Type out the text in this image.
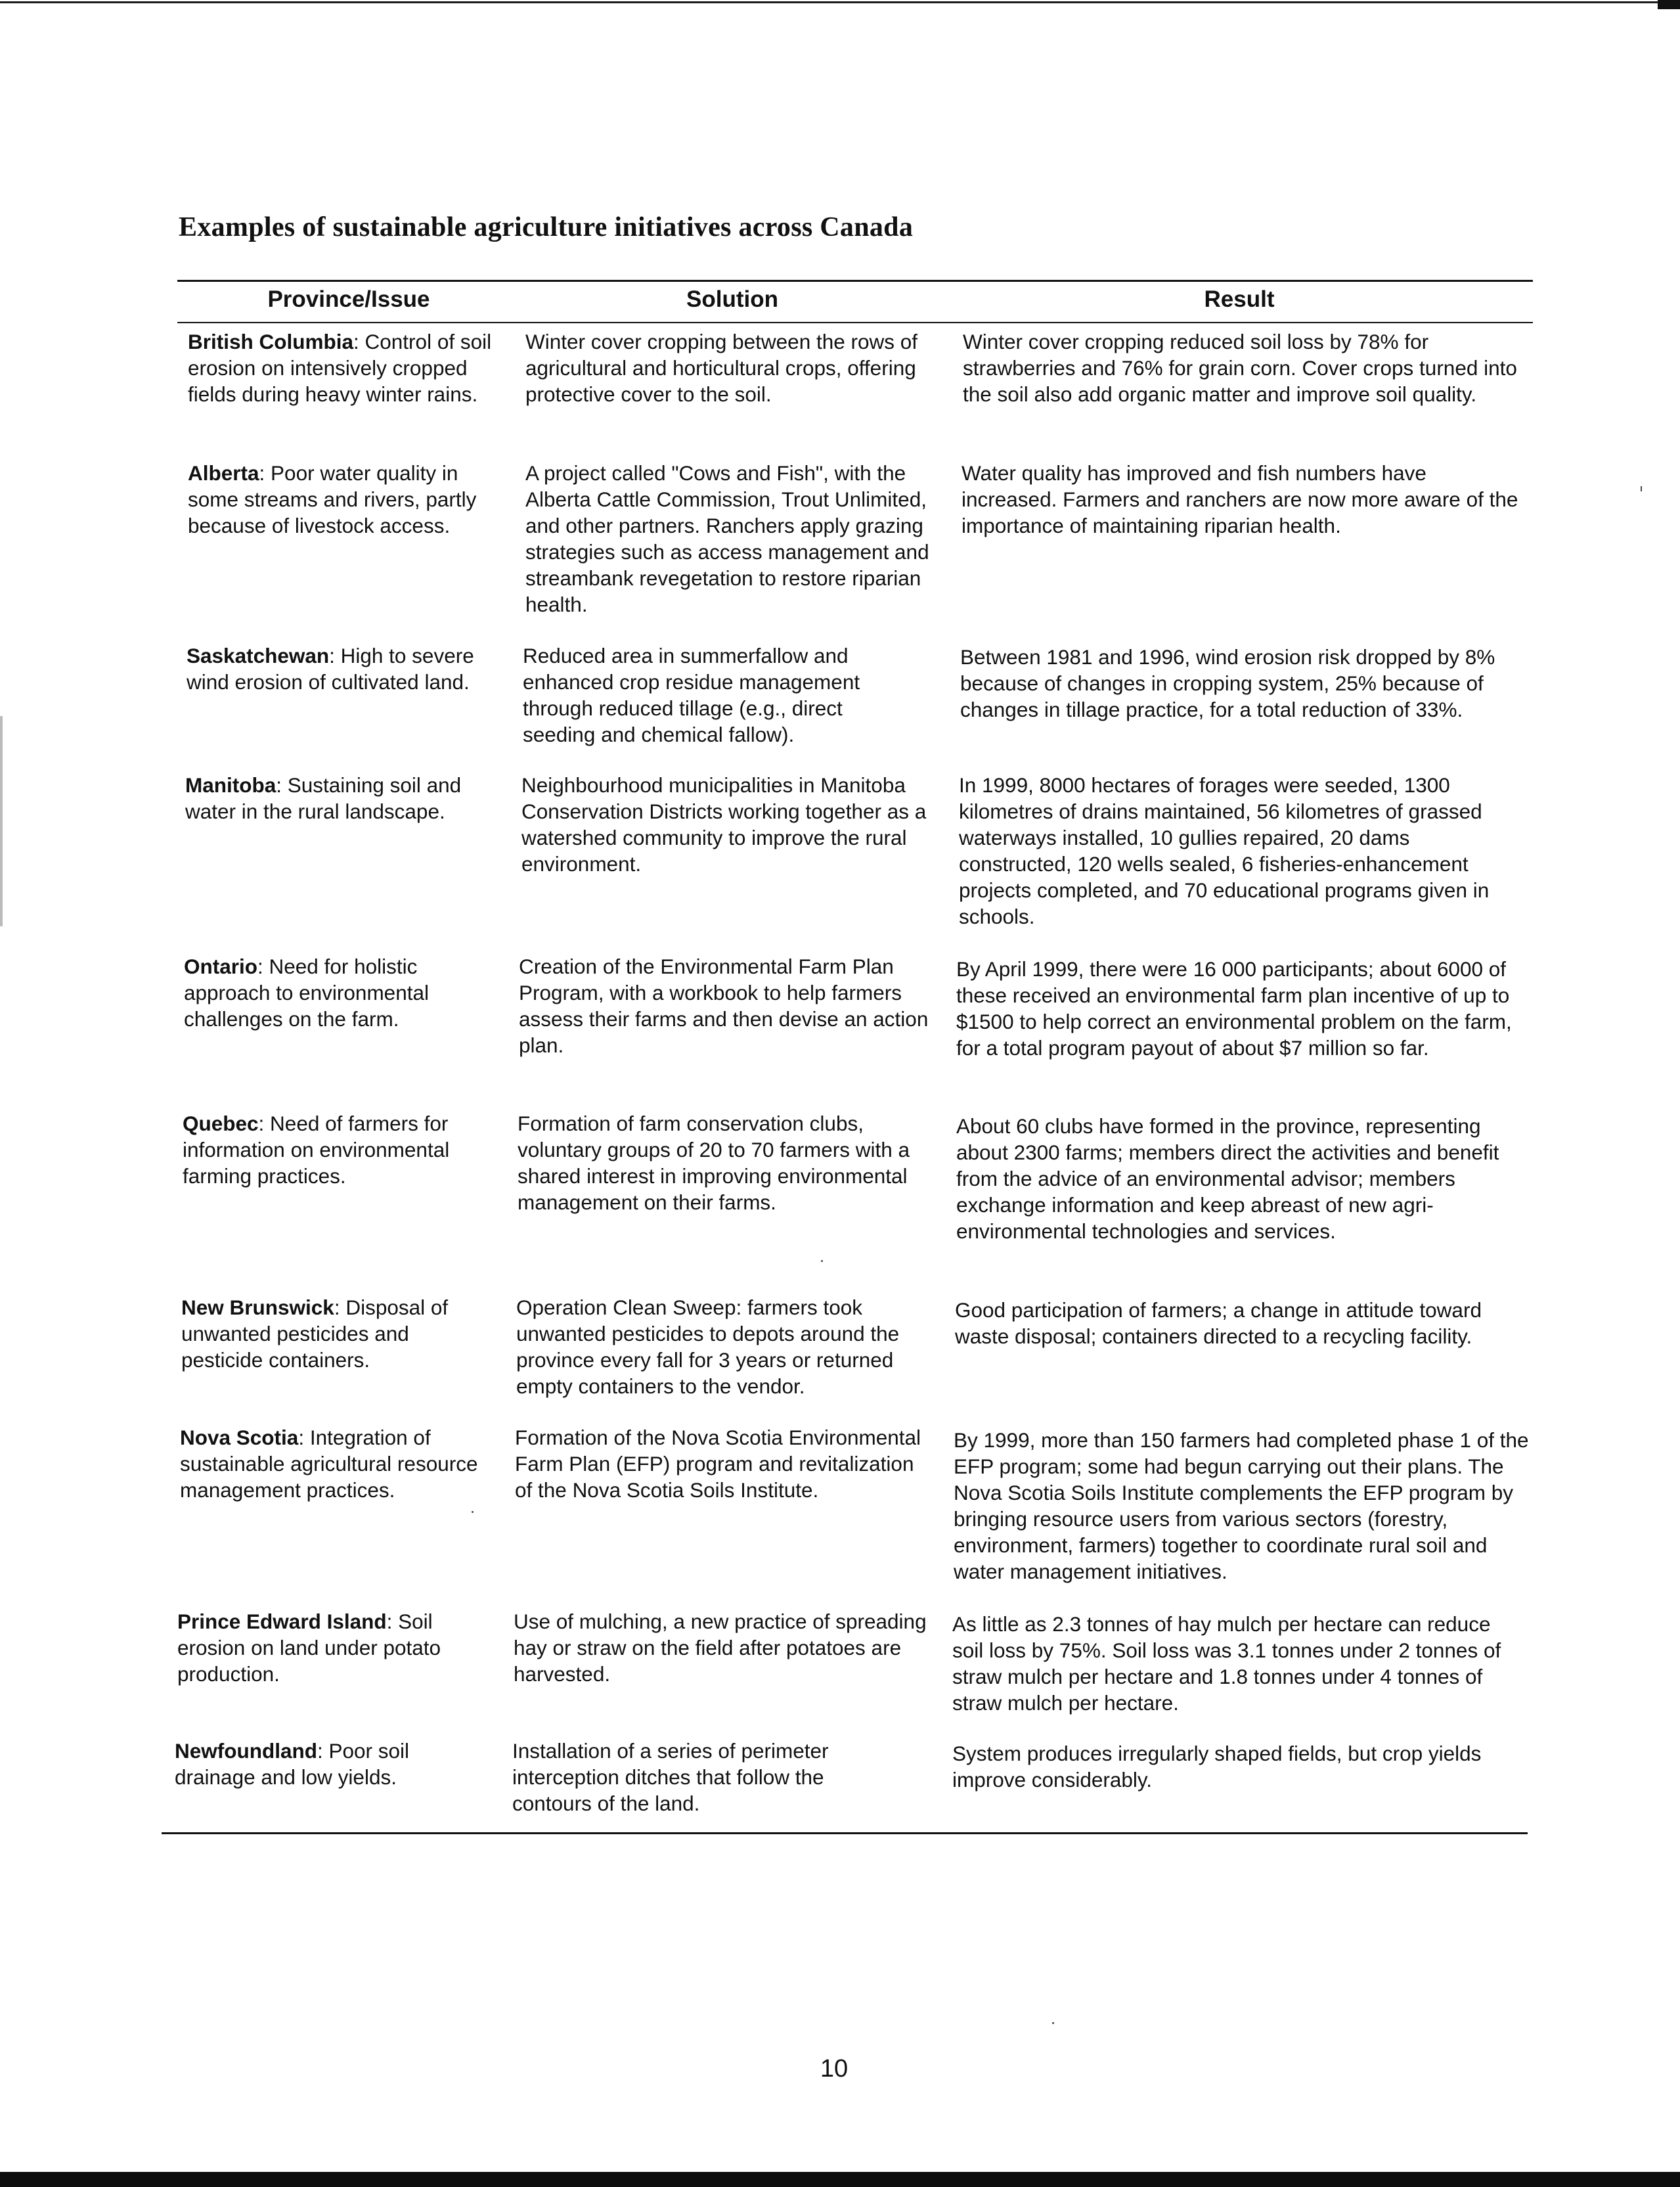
Examples of sustainable agriculture initiatives across Canada
Province/Issue	Solution	Result

British Columbia: Control of soil erosion on intensively cropped fields during heavy winter rains.

Winter cover cropping between the rows of agricultural and horticultural crops, offering protective cover to the soil.

Winter cover cropping reduced soil loss by 78% for strawberries and 76% for grain corn. Cover crops turned into the soil also add organic matter and improve soil quality.

Alberta: Poor water quality in some streams and rivers, partly because of livestock access.

A project called "Cows and Fish", with the Alberta Cattle Commission, Trout Unlimited, and other partners. Ranchers apply grazing strategies such as access management and streambank revegetation to restore riparian health.

Water quality has improved and fish numbers have increased. Farmers and ranchers are now more aware of the importance of maintaining riparian health.

Saskatchewan: High to severe wind erosion of cultivated land.

Reduced area in summerfallow and enhanced crop residue management through reduced tillage (e.g., direct seeding and chemical fallow).

Between 1981 and 1996, wind erosion risk dropped by 8% because of changes in cropping system, 25% because of changes in tillage practice, for a total reduction of 33%.

Manitoba: Sustaining soil and water in the rural landscape.

Neighbourhood municipalities in Manitoba Conservation Districts working together as a watershed community to improve the rural environment.

In 1999, 8000 hectares of forages were seeded, 1300 kilometres of drains maintained, 56 kilometres of grassed waterways installed, 10 gullies repaired, 20 dams constructed, 120 wells sealed, 6 fisheries-enhancement projects completed, and 70 educational programs given in schools.

Ontario: Need for holistic approach to environmental challenges on the farm.

Creation of the Environmental Farm Plan Program, with a workbook to help farmers assess their farms and then devise an action plan.

By April 1999, there were 16 000 participants; about 6000 of these received an environmental farm plan incentive of up to $1500 to help correct an environmental problem on the farm, for a total program payout of about $7 million so far.

Quebec: Need of farmers for information on environmental farming practices.

Formation of farm conservation clubs, voluntary groups of 20 to 70 farmers with a shared interest in improving environmental management on their farms.

About 60 clubs have formed in the province, representing about 2300 farms; members direct the activities and benefit from the advice of an environmental advisor; members exchange information and keep abreast of new agri-environmental technologies and services.

New Brunswick: Disposal of unwanted pesticides and pesticide containers.

Operation Clean Sweep: farmers took unwanted pesticides to depots around the province every fall for 3 years or returned empty containers to the vendor.

Good participation of farmers; a change in attitude toward waste disposal; containers directed to a recycling facility.

Nova Scotia: Integration of sustainable agricultural resource management practices.

Formation of the Nova Scotia Environmental Farm Plan (EFP) program and revitalization of the Nova Scotia Soils Institute.

By 1999, more than 150 farmers had completed phase 1 of the EFP program; some had begun carrying out their plans. The Nova Scotia Soils Institute complements the EFP program by bringing resource users from various sectors (forestry, environment, farmers) together to coordinate rural soil and water management initiatives.

Prince Edward Island: Soil erosion on land under potato production.

Use of mulching, a new practice of spreading hay or straw on the field after potatoes are harvested.

As little as 2.3 tonnes of hay mulch per hectare can reduce soil loss by 75%. Soil loss was 3.1 tonnes under 2 tonnes of straw mulch per hectare and 1.8 tonnes under 4 tonnes of straw mulch per hectare.

Newfoundland: Poor soil drainage and low yields.

Installation of a series of perimeter interception ditches that follow the contours of the land.

System produces irregularly shaped fields, but crop yields improve considerably.

10
